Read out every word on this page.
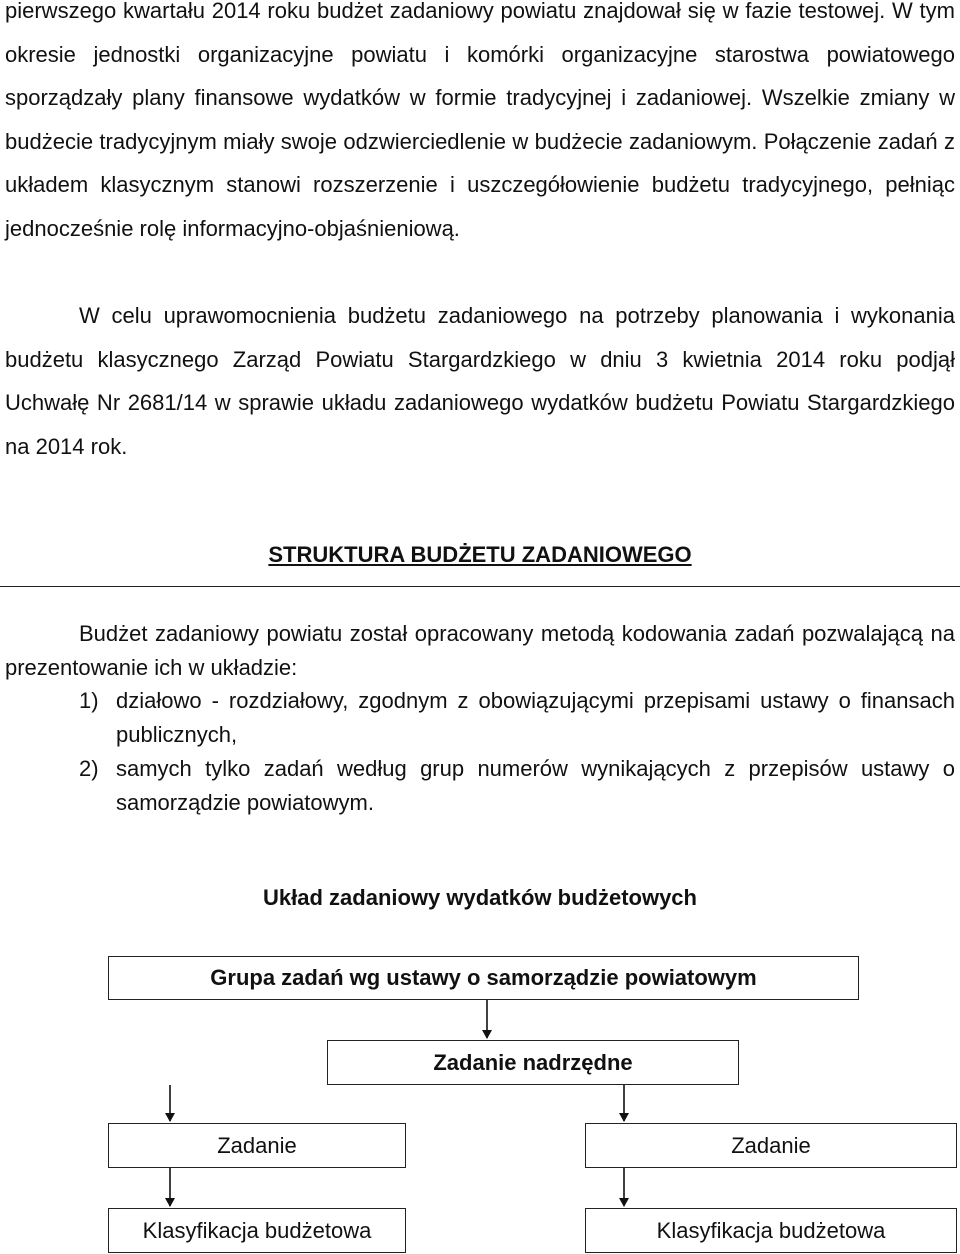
pierwszego kwartału 2014 roku budżet zadaniowy powiatu znajdował się w fazie testowej. W tym okresie jednostki organizacyjne powiatu i komórki organizacyjne starostwa powiatowego sporządzały plany finansowe wydatków w formie tradycyjnej i zadaniowej. Wszelkie zmiany w budżecie tradycyjnym miały swoje odzwierciedlenie w budżecie zadaniowym. Połączenie zadań z układem klasycznym stanowi rozszerzenie i uszczegółowienie budżetu tradycyjnego, pełniąc jednocześnie rolę informacyjno-objaśnieniową.

W celu uprawomocnienia budżetu zadaniowego na potrzeby planowania i wykonania budżetu klasycznego Zarząd Powiatu Stargardzkiego w dniu 3 kwietnia 2014 roku podjął Uchwałę Nr 2681/14 w sprawie układu zadaniowego wydatków budżetu Powiatu Stargardzkiego na 2014 rok.

STRUKTURA BUDŻETU ZADANIOWEGO

Budżet zadaniowy powiatu został opracowany metodą kodowania zadań pozwalającą na prezentowanie ich w układzie:

1) działowo - rozdziałowy, zgodnym z obowiązującymi przepisami ustawy o finansach publicznych,
2) samych tylko zadań według grup numerów wynikających z przepisów ustawy o samorządzie powiatowym.
Układ zadaniowy wydatków budżetowych
Grupa zadań wg ustawy o samorządzie powiatowym
Zadanie nadrzędne
Zadanie	Zadanie
Klasyfikacja budżetowa	Klasyfikacja budżetowa
